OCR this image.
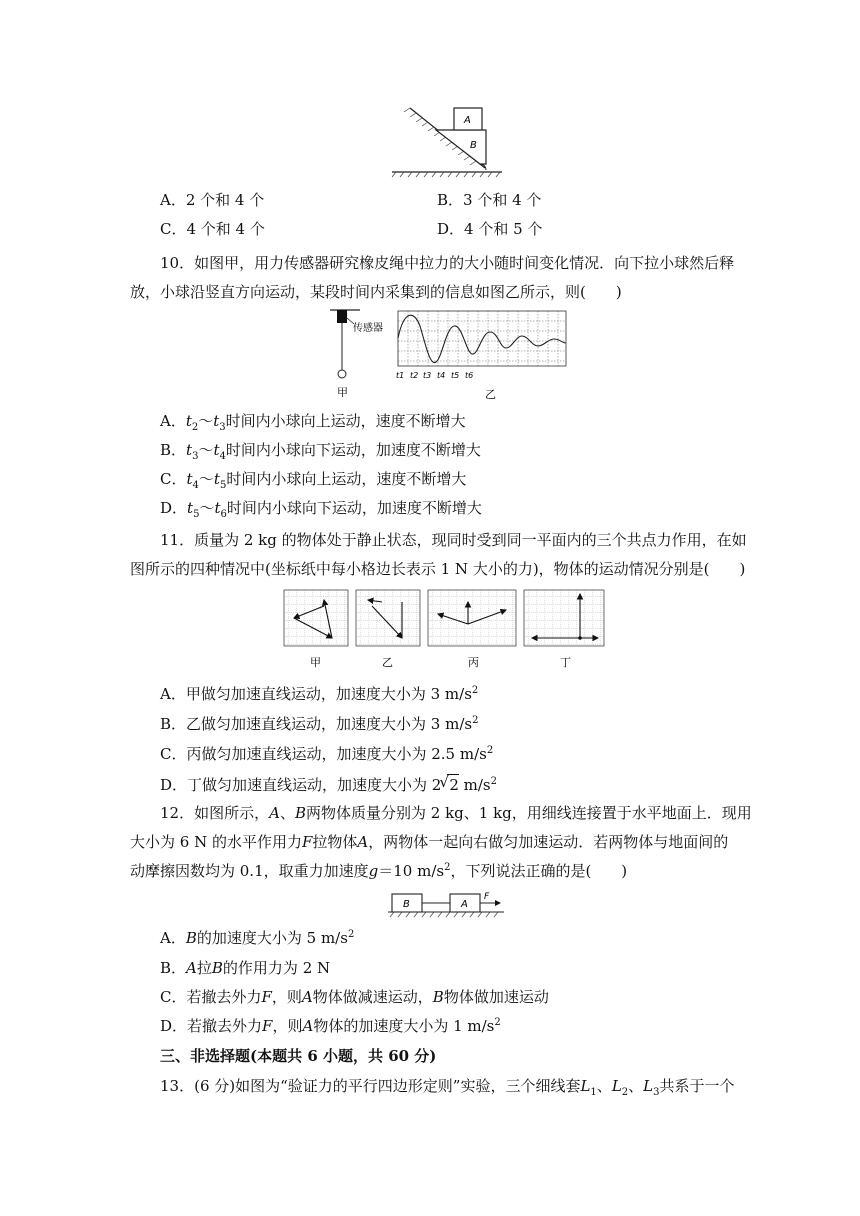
A
B
A．2 个和 4 个	B．3 个和 4 个
C．4 个和 4 个	D．4 个和 5 个
10．如图甲，用力传感器研究橡皮绳中拉力的大小随时间变化情况．向下拉小球然后释
放，小球沿竖直方向运动，某段时间内采集到的信息如图乙所示，则(　　)
传感器
甲
t1 t2 t3 t4 t5 t6
乙
A．$t_2\sim t_3$时间内小球向上运动，速度不断增大
B．$t_3\sim t_4$时间内小球向下运动，加速度不断增大
C．$t_4\sim t_5$时间内小球向上运动，速度不断增大
D．$t_5\sim t_6$时间内小球向下运动，加速度不断增大
11．质量为 2 kg 的物体处于静止状态，现同时受到同一平面内的三个共点力作用，在如
图所示的四种情况中(坐标纸中每小格边长表示 1 N 大小的力)，物体的运动情况分别是(　　)
甲	乙	丙	丁
A．甲做匀加速直线运动，加速度大小为 3 $m/s^2$
B．乙做匀加速直线运动，加速度大小为 3 $m/s^2$
C．丙做匀加速直线运动，加速度大小为 2.5 $m/s^2$
D．丁做匀加速直线运动，加速度大小为 2
√ 2 $m/s^2$
12．如图所示，A、B两物体质量分别为 2 kg、1 kg，用细线连接置于水平地面上．现用
大小为 6 N 的水平作用力F拉物体A，两物体一起向右做匀加速运动．若两物体与地面间的
动摩擦因数均为 0.1，取重力加速度g＝10 $m/s^2$，下列说法正确的是(　　)
B	A
F
A．B的加速度大小为 5 $m/s^2$
B．A拉B的作用力为 2 N
C．若撤去外力F，则A物体做减速运动，B物体做加速运动
D．若撤去外力F，则A物体的加速度大小为 1 $m/s^2$
三、非选择题(本题共 6 小题，共 60 分)
13．(6 分)如图为“验证力的平行四边形定则”实验，三个细线套$L_1$、$L_2$、$L_3$共系于一个
